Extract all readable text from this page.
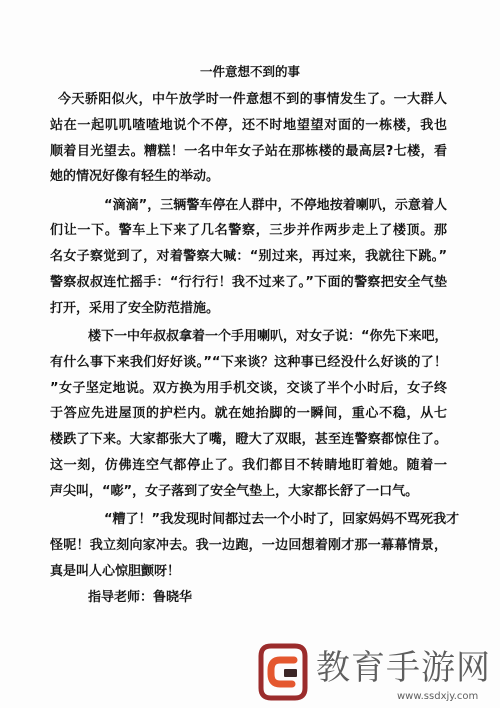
一件意想不到的事
今天骄阳似火，中午放学时一件意想不到的事情发生了。一大群人
站在一起叽叽喳喳地说个不停，还不时地望望对面的一栋楼，我也
顺着目光望去。糟糕！一名中年女子站在那栋楼的最高层?七楼，看
她的情况好像有轻生的举动。
“滴滴”，三辆警车停在人群中，不停地按着喇叭，示意着人
们让一下。警车上下来了几名警察，三步并作两步走上了楼顶。那
名女子察觉到了，对着警察大喊：“别过来，再过来，我就往下跳。”
警察叔叔连忙摇手：“行行行！我不过来了。”下面的警察把安全气垫
打开，采用了安全防范措施。
楼下一中年叔叔拿着一个手用喇叭，对女子说：“你先下来吧，
有什么事下来我们好好谈。”“下来谈？这种事已经没什么好谈的了！
”女子坚定地说。双方换为用手机交谈，交谈了半个小时后，女子终
于答应先进屋顶的护栏内。就在她抬脚的一瞬间，重心不稳，从七
楼跌了下来。大家都张大了嘴，瞪大了双眼，甚至连警察都惊住了。
这一刻，仿佛连空气都停止了。我们都目不转睛地盯着她。随着一
声尖叫，“嘭”，女子落到了安全气垫上，大家都长舒了一口气。
“糟了！”我发现时间都过去一个小时了，回家妈妈不骂死我才
怪呢！我立刻向家冲去。我一边跑，一边回想着刚才那一幕幕情景，
真是叫人心惊胆颤呀！
指导老师：鲁晓华
教育手游网
www.ssdxjy.com
